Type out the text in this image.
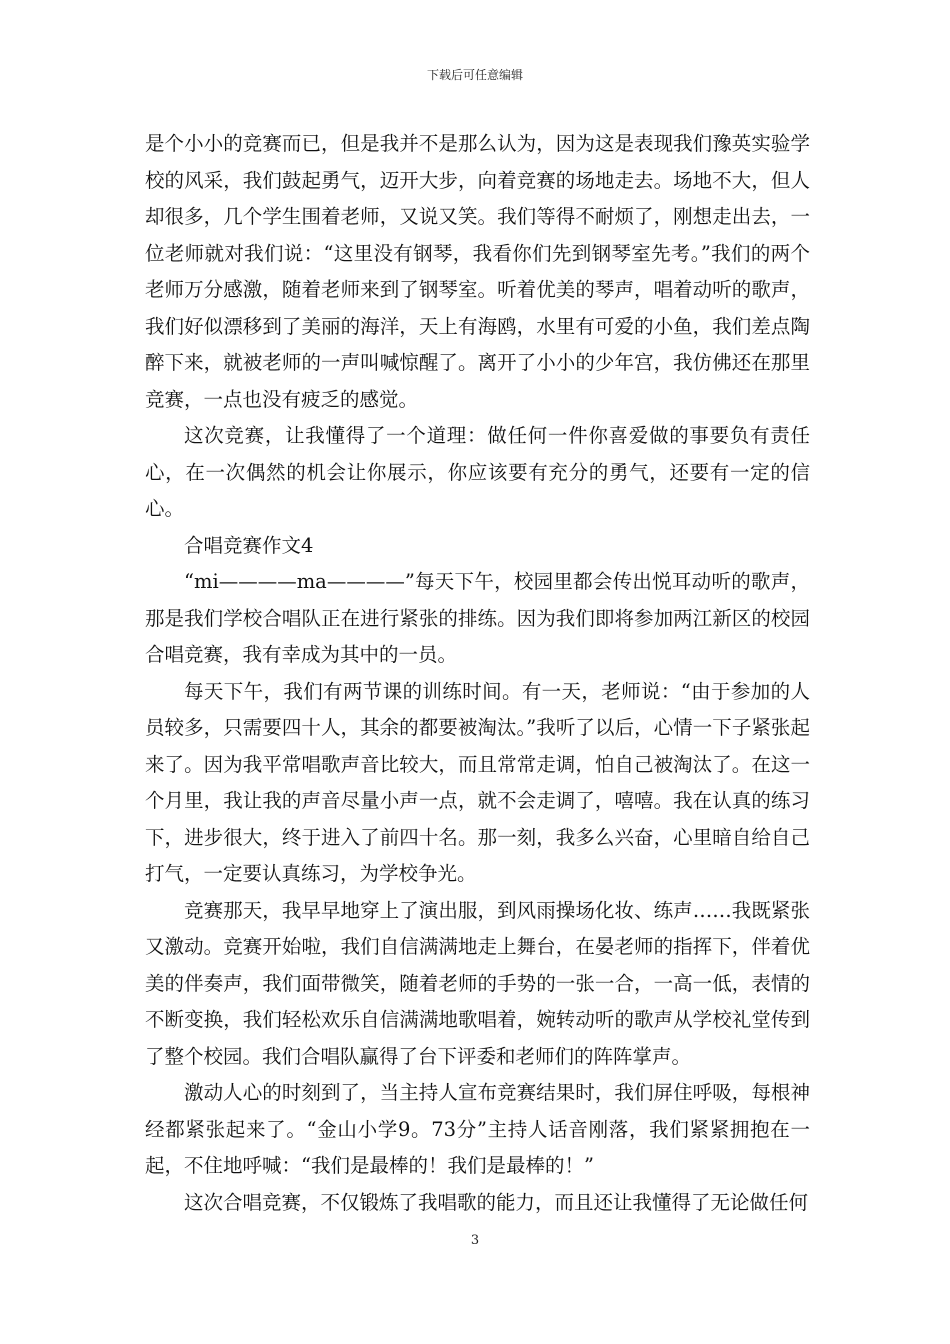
下载后可任意编辑

是个小小的竞赛而已，但是我并不是那么认为，因为这是表现我们豫英实验学校的风采，我们鼓起勇气，迈开大步，向着竞赛的场地走去。场地不大，但人却很多，几个学生围着老师，又说又笑。我们等得不耐烦了，刚想走出去，一位老师就对我们说：“这里没有钢琴，我看你们先到钢琴室先考。”我们的两个老师万分感激，随着老师来到了钢琴室。听着优美的琴声，唱着动听的歌声，我们好似漂移到了美丽的海洋，天上有海鸥，水里有可爱的小鱼，我们差点陶醉下来，就被老师的一声叫喊惊醒了。离开了小小的少年宫，我仿佛还在那里竞赛，一点也没有疲乏的感觉。

这次竞赛，让我懂得了一个道理：做任何一件你喜爱做的事要负有责任心，在一次偶然的机会让你展示，你应该要有充分的勇气，还要有一定的信心。

合唱竞赛作文4

“mi————ma————”每天下午，校园里都会传出悦耳动听的歌声，那是我们学校合唱队正在进行紧张的排练。因为我们即将参加两江新区的校园合唱竞赛，我有幸成为其中的一员。

每天下午，我们有两节课的训练时间。有一天，老师说：“由于参加的人员较多，只需要四十人，其余的都要被淘汰。”我听了以后，心情一下子紧张起来了。因为我平常唱歌声音比较大，而且常常走调，怕自己被淘汰了。在这一个月里，我让我的声音尽量小声一点，就不会走调了，嘻嘻。我在认真的练习下，进步很大，终于进入了前四十名。那一刻，我多么兴奋，心里暗自给自己打气，一定要认真练习，为学校争光。

竞赛那天，我早早地穿上了演出服，到风雨操场化妆、练声……我既紧张又激动。竞赛开始啦，我们自信满满地走上舞台，在晏老师的指挥下，伴着优美的伴奏声，我们面带微笑，随着老师的手势的一张一合，一高一低，表情的不断变换，我们轻松欢乐自信满满地歌唱着，婉转动听的歌声从学校礼堂传到了整个校园。我们合唱队赢得了台下评委和老师们的阵阵掌声。

激动人心的时刻到了，当主持人宣布竞赛结果时，我们屏住呼吸，每根神经都紧张起来了。“金山小学9。73分”主持人话音刚落，我们紧紧拥抱在一起，不住地呼喊：“我们是最棒的！我们是最棒的！”

这次合唱竞赛，不仅锻炼了我唱歌的能力，而且还让我懂得了无论做任何

3
